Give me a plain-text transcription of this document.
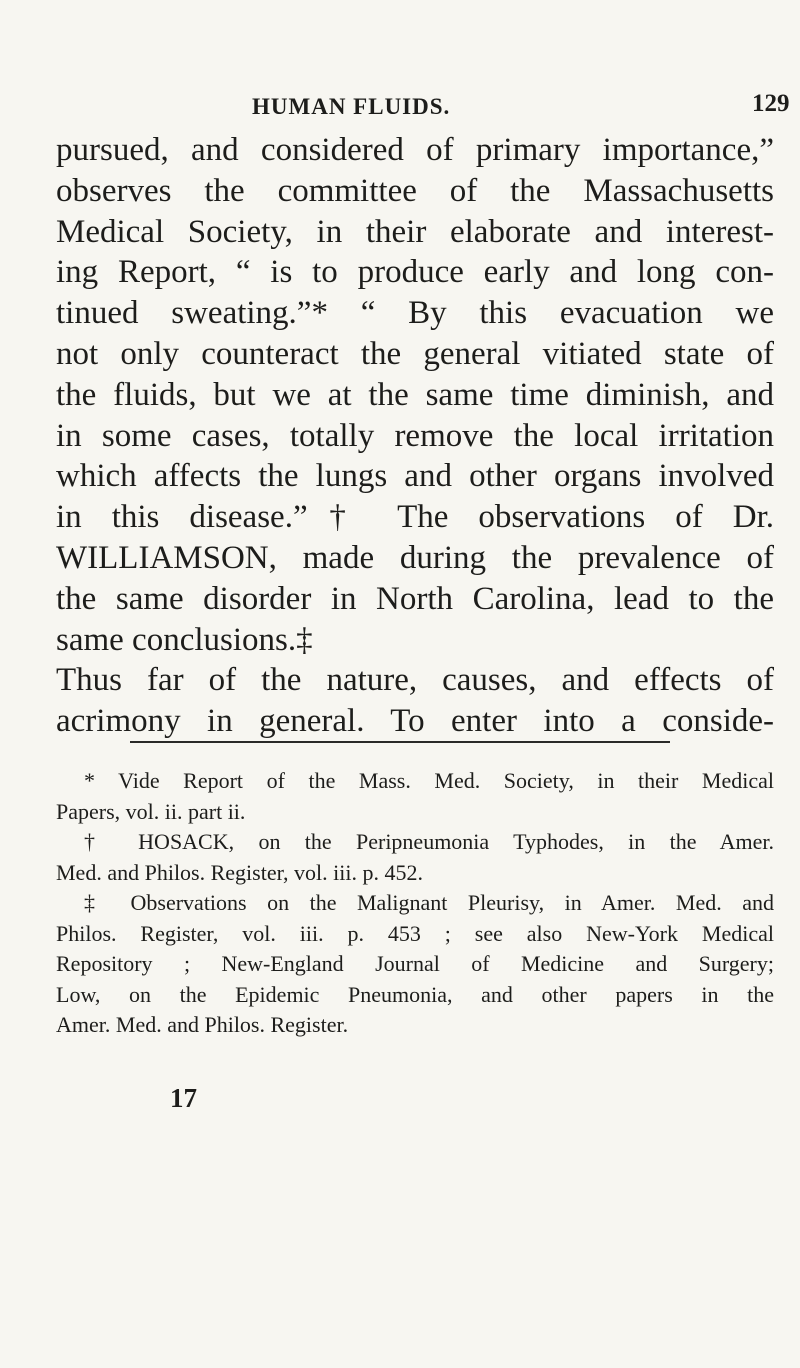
HUMAN FLUIDS.	129
pursued, and considered of primary importance,”
observes the committee of the Massachusetts
Medical Society, in their elaborate and interest-
ing Report, “ is to produce early and long con-
tinued sweating.”* “ By this evacuation we
not only counteract the general vitiated state of
the fluids, but we at the same time diminish, and
in some cases, totally remove the local irritation
which affects the lungs and other organs involved
in this disease.”† The observations of Dr.
WILLIAMSON, made during the prevalence of
the same disorder in North Carolina, lead to the
same conclusions.‡
Thus far of the nature, causes, and effects of
acrimony in general. To enter into a conside-
* Vide Report of the Mass. Med. Society, in their Medical
Papers, vol. ii. part ii.
† HOSACK, on the Peripneumonia Typhodes, in the Amer.
Med. and Philos. Register, vol. iii. p. 452.
‡ Observations on the Malignant Pleurisy, in Amer. Med. and
Philos. Register, vol. iii. p. 453 ; see also New-York Medical
Repository ; New-England Journal of Medicine and Surgery;
Low, on the Epidemic Pneumonia, and other papers in the
Amer. Med. and Philos. Register.
17
